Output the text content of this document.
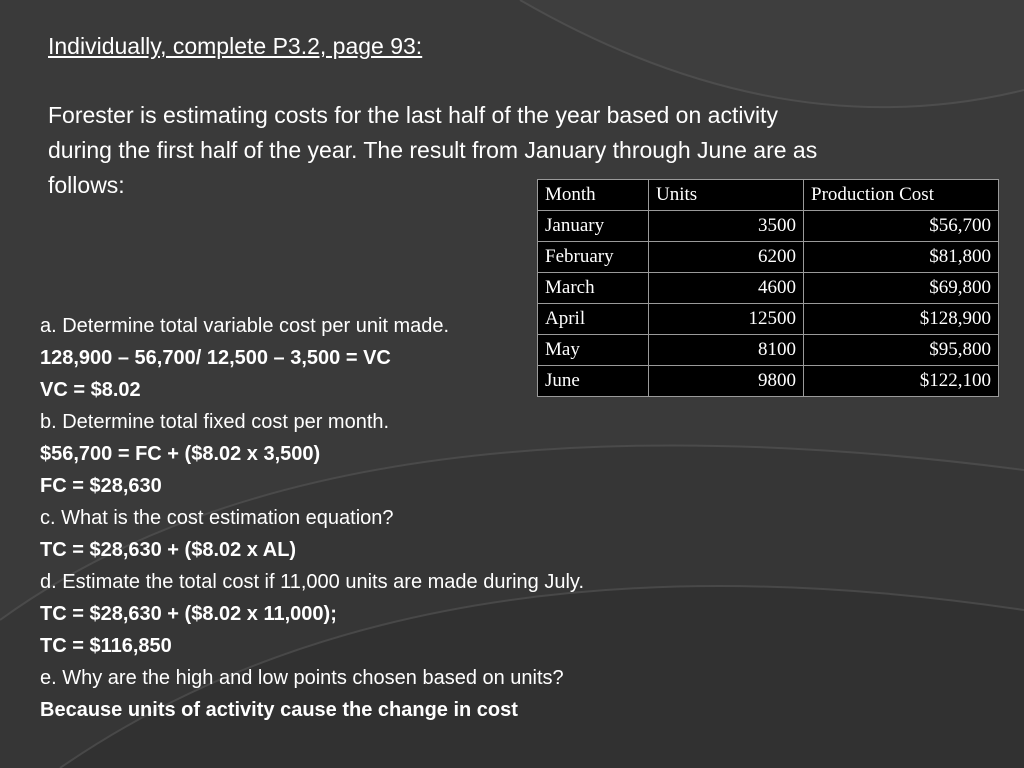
Individually, complete P3.2, page 93:
Forester is estimating costs for the last half of the year based on activity
during the first half of the year. The result from January through June are as
follows:	Month	Units	Production Cost
January	3500	$56,700
February	6200	$81,800
March	4600	$69,800
April	12500	$128,900
May	8100	$95,800
June	9800	$122,100
a. Determine total variable cost per unit made.
128,900 – 56,700/ 12,500 – 3,500 = VC
VC = $8.02
b. Determine total fixed cost per month.
$56,700 = FC + ($8.02 x 3,500)
FC = $28,630
c. What is the cost estimation equation?
TC = $28,630 + ($8.02 x AL)
d. Estimate the total cost if 11,000 units are made during July.
TC = $28,630 + ($8.02 x 11,000);
TC = $116,850
e. Why are the high and low points chosen based on units?
Because units of activity cause the change in cost
